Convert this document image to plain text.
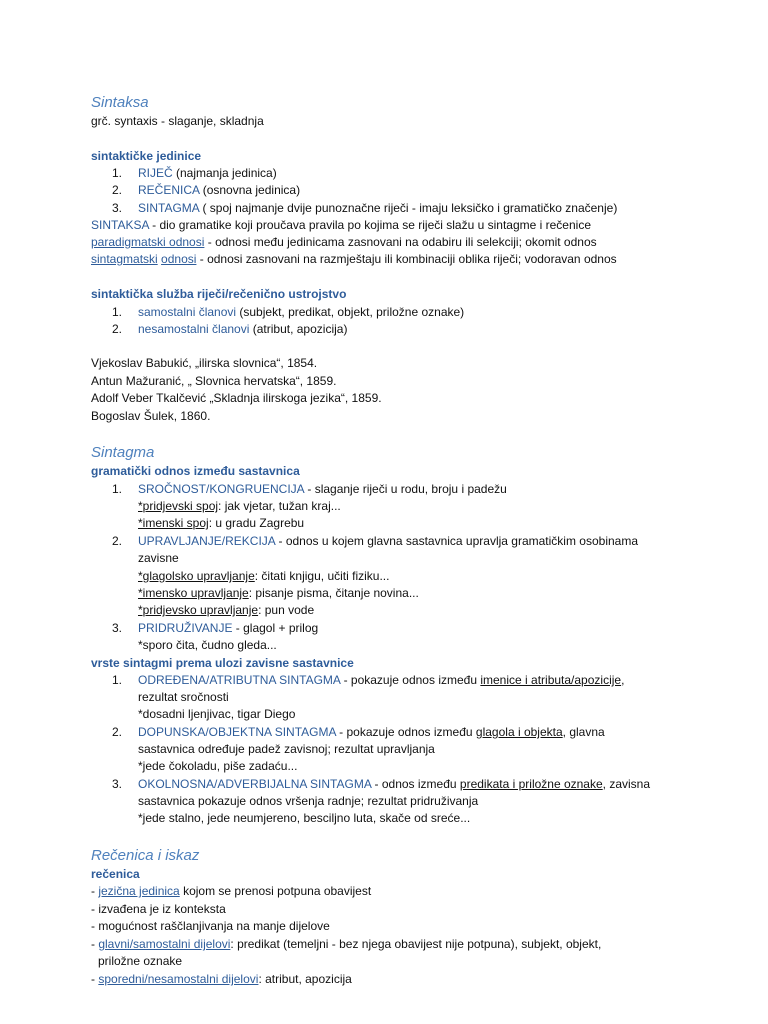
Sintaksa
grč. syntaxis - slaganje, skladnja
sintaktičke jedinice
1. RIJEČ (najmanja jedinica)
2. REČENICA (osnovna jedinica)
3. SINTAGMA ( spoj najmanje dvije punoznačne riječi - imaju leksičko i gramatičko značenje)
SINTAKSA - dio gramatike koji proučava pravila po kojima se riječi slažu u sintagme i rečenice
paradigmatski odnosi - odnosi među jedinicama zasnovani na odabiru ili selekciji; okomit odnos
sintagmatski odnosi - odnosi zasnovani na razmještaju ili kombinaciji oblika riječi; vodoravan odnos
sintaktička služba riječi/rečenično ustrojstvo
1. samostalni članovi (subjekt, predikat, objekt, priložne oznake)
2. nesamostalni članovi (atribut, apozicija)
Vjekoslav Babukić, „ilirska slovnica“, 1854.
Antun Mažuranić, „ Slovnica hervatska“, 1859.
Adolf Veber Tkalčević „Skladnja ilirskoga jezika“, 1859.
Bogoslav Šulek, 1860.
Sintagma
gramatički odnos između sastavnica
1. SROČNOST/KONGRUENCIJA - slaganje riječi u rodu, broju i padežu
*pridjevski spoj: jak vjetar, tužan kraj...
*imenski spoj: u gradu Zagrebu
2. UPRAVLJANJE/REKCIJA - odnos u kojem glavna sastavnica upravlja gramatičkim osobinama
zavisne
*glagolsko upravljanje: čitati knjigu, učiti fiziku...
*imensko upravljanje: pisanje pisma, čitanje novina...
*pridjevsko upravljanje: pun vode
3. PRIDRUŽIVANJE - glagol + prilog
*sporo čita, čudno gleda...
vrste sintagmi prema ulozi zavisne sastavnice
1. ODREĐENA/ATRIBUTNA SINTAGMA - pokazuje odnos između imenice i atributa/apozicije,
rezultat sročnosti
*dosadni ljenjivac, tigar Diego
2. DOPUNSKA/OBJEKTNA SINTAGMA - pokazuje odnos između glagola i objekta, glavna
sastavnica određuje padež zavisnoj; rezultat upravljanja
*jede čokoladu, piše zadaću...
3. OKOLNOSNA/ADVERBIJALNA SINTAGMA - odnos između predikata i priložne oznake, zavisna
sastavnica pokazuje odnos vršenja radnje; rezultat pridruživanja
*jede stalno, jede neumjereno, besciljno luta, skače od sreće...
Rečenica i iskaz
rečenica
- jezična jedinica kojom se prenosi potpuna obavijest
- izvađena je iz konteksta
- mogućnost raščlanjivanja na manje dijelove
- glavni/samostalni dijelovi: predikat (temeljni - bez njega obavijest nije potpuna), subjekt, objekt,
priložne oznake
- sporedni/nesamostalni dijelovi: atribut, apozicija
